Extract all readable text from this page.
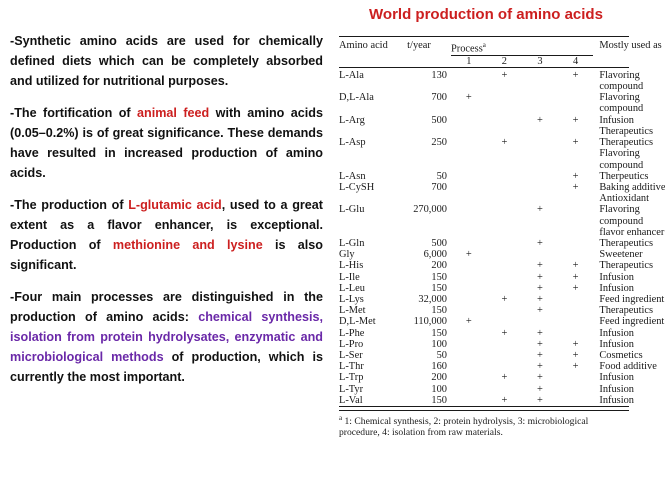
-Synthetic amino acids are used for chemically defined diets which can be completely absorbed and utilized for nutritional purposes.

-The fortification of animal feed with amino acids (0.05–0.2%) is of great significance. These demands have resulted in increased production of amino acids.

-The production of L-glutamic acid, used to a great extent as a flavor enhancer, is exceptional. Production of methionine and lysine is also significant.

-Four main processes are distinguished in the production of amino acids: chemical synthesis, isolation from protein hydrolysates, enzymatic and microbiological methods of production, which is currently the most important.

World production of amino acids
Amino acid	t/year	Process$^a$				Mostly used as
		1	2	3	4	
L-Ala	130		+		+	Flavoring
						compound
D,L-Ala	700	+				Flavoring
						compound
L-Arg	500			+	+	Infusion
						Therapeutics
L-Asp	250		+		+	Therapeutics
						Flavoring
						compound
L-Asn	50				+	Therpeutics
L-CySH	700				+	Baking additive
						Antioxidant
L-Glu	270,000			+		Flavoring
						compound
						flavor enhancer
L-Gln	500			+		Therapeutics
Gly	6,000	+				Sweetener
L-His	200			+	+	Therapeutics
L-Ile	150			+	+	Infusion
L-Leu	150			+	+	Infusion
L-Lys	32,000		+	+		Feed ingredient
L-Met	150			+		Therapeutics
D,L-Met	110,000	+				Feed ingredient
L-Phe	150		+	+		Infusion
L-Pro	100			+	+	Infusion
L-Ser	50			+	+	Cosmetics
L-Thr	160			+	+	Food additive
L-Trp	200		+	+		Infusion
L-Tyr	100			+		Infusion
L-Val	150		+	+		Infusion
$^a$ 1: Chemical synthesis, 2: protein hydrolysis, 3: microbiological procedure, 4: isolation from raw materials.
